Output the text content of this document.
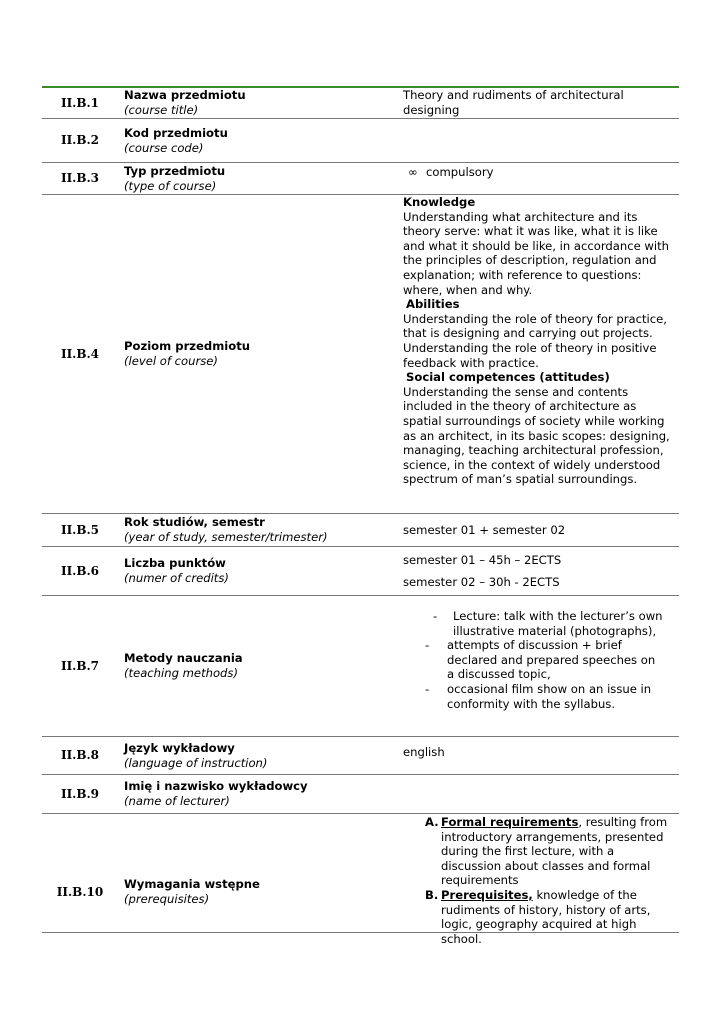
II.B.1
Nazwa przedmiotu
(course title)
Theory and rudiments of architectural designing
II.B.2
Kod przedmiotu
(course code)
II.B.3
Typ przedmiotu
(type of course)
∞ compulsory
II.B.4
Poziom przedmiotu
(level of course)
Knowledge
Understanding what architecture and its theory serve: what it was like, what it is like and what it should be like, in accordance with the principles of description, regulation and explanation; with reference to questions: where, when and why.
Abilities
Understanding the role of theory for practice, that is designing and carrying out projects. Understanding the role of theory in positive feedback with practice.
Social competences (attitudes)
Understanding the sense and contents included in the theory of architecture as spatial surroundings of society while working as an architect, in its basic scopes: designing, managing, teaching architectural profession, science, in the context of widely understood spectrum of man’s spatial surroundings.
II.B.5
Rok studiów, semestr
(year of study, semester/trimester)
semester 01 + semester 02
II.B.6
Liczba punktów
(numer of credits)
semester 01 – 45h – 2ECTS
semester 02 – 30h - 2ECTS
II.B.7
Metody nauczania
(teaching methods)
- Lecture: talk with the lecturer’s own illustrative material (photographs),
- attempts of discussion + brief declared and prepared speeches on a discussed topic,
- occasional film show on an issue in conformity with the syllabus.
II.B.8
Język wykładowy
(language of instruction)
english
II.B.9
Imię i nazwisko wykładowcy
(name of lecturer)
II.B.10
Wymagania wstępne
(prerequisites)
A. Formal requirements, resulting from introductory arrangements, presented during the first lecture, with a discussion about classes and formal requirements
B. Prerequisites, knowledge of the rudiments of history, history of arts, logic, geography acquired at high school.
